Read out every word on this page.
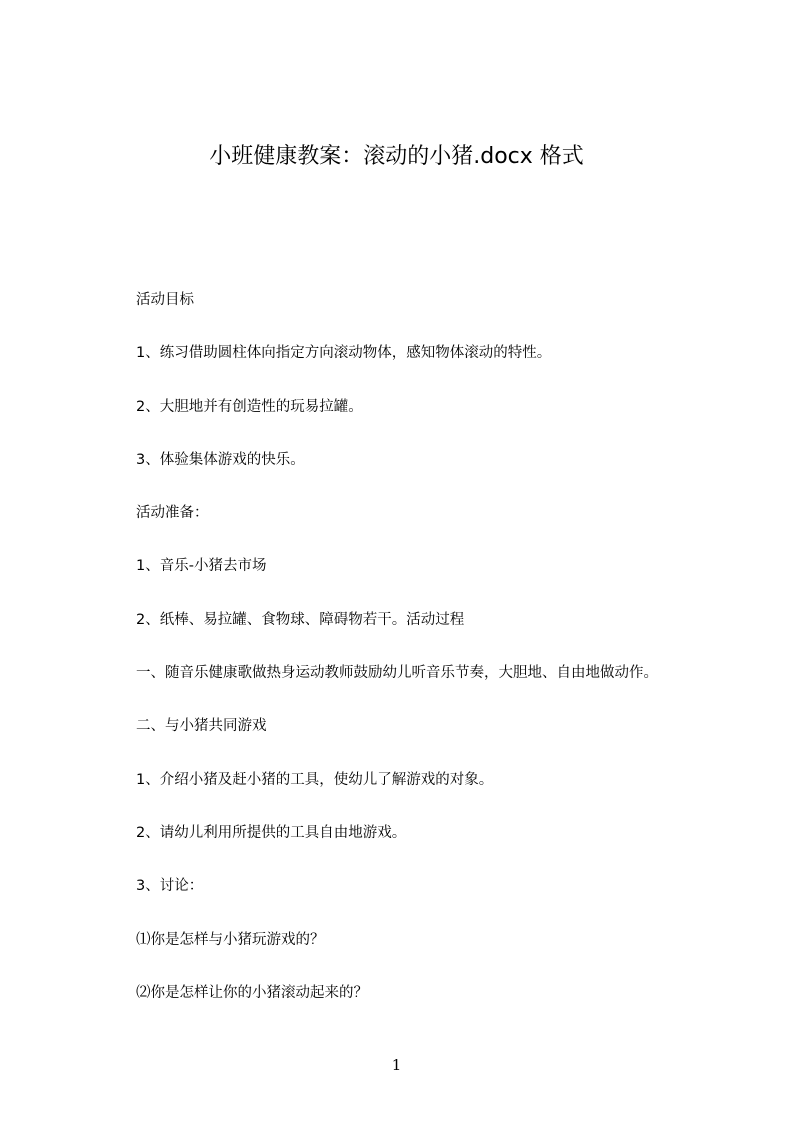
小班健康教案：滚动的小猪.docx 格式
活动目标
1、练习借助圆柱体向指定方向滚动物体，感知物体滚动的特性。
2、大胆地并有创造性的玩易拉罐。
3、体验集体游戏的快乐。
活动准备：
1、音乐-小猪去市场
2、纸棒、易拉罐、食物球、障碍物若干。活动过程
一、随音乐健康歌做热身运动教师鼓励幼儿听音乐节奏，大胆地、自由地做动作。
二、与小猪共同游戏
1、介绍小猪及赶小猪的工具，使幼儿了解游戏的对象。
2、请幼儿利用所提供的工具自由地游戏。
3、讨论：
⑴你是怎样与小猪玩游戏的？
⑵你是怎样让你的小猪滚动起来的？
1
